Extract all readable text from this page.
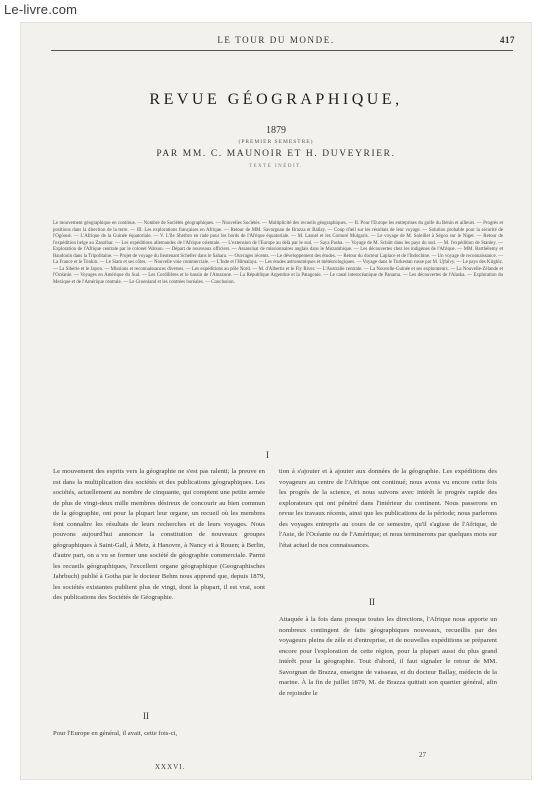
Le-livre.com
LE TOUR DU MONDE.	417
REVUE GÉOGRAPHIQUE,
1879
(PREMIER SEMESTRE)
PAR MM. C. MAUNOIR ET H. DUVEYRIER.
TEXTE INÉDIT.

Le mouvement géographique en continue. — Nombre de Sociétés géographiques. — Nouvelles Sociétés. — Multiplicité des recueils géographiques. — II. Pour l'Europe les entreprises du golfe du Bénin et ailleurs. — Progrès et positions dans la direction de la terre. — III. Les explorations françaises en Afrique. — Retour de MM. Savorgnan de Brazza et Ballay. — Coup d'œil sur les résultats de leur voyage. — Solution probable pour la sécurité de l'Ogôoué. — L'Afrique de la Guinée équatoriale. — V. L'île Sherbro en rade pour les bords de l'Afrique équatoriale. — M. Lasnel et les Comoré Mulgaris. — Le voyage de M. Soleillet à Ségou sur le Niger. — Retour de l'expédition belge au Zanzibar. — Les expéditions allemandes de l'Afrique orientale. — L'extension de l'Europe au delà par le sud. — Saya Pasha. — Voyage de M. Schütt dans les pays du sud. — M. l'expédition de Stanley. — Exploration de l'Afrique centrale par le colonel Watson. — Départ de nouveaux officiers. — Assassinat de missionnaires anglais dans le Mozambique. — Les découvertes chez les indigènes de l'Afrique. — MM. Barthélemy et Baudouin dans la Tripolitaine. — Projet de voyage du lieutenant Scheller dans le Sahara. — Ouvrages récents. — Le développement des études. — Retour du docteur Laplace et de l'Indochine. — Un voyage de reconnaissance. — La France et le Tonkin. — Le Siam et ses côtes. — Nouvelle voie commerciale. — L'Inde et l'Himalaya. — Les études astronomiques et météorologiques. — Voyage dans le Turkestan russe par M. Ujfalvy. — Le pays des Kirghiz. — La Sibérie et le Japon. — Missions et reconnaissances diverses. — Les expéditions au pôle Nord. — M. d'Albertis et le Fly River. — L'Australie centrale. — La Nouvelle-Guinée et ses explorateurs. — La Nouvelle-Zélande et l'Océanie. — Voyages en Amérique du Sud. — Les Cordillères et le bassin de l'Amazone. — La République Argentine et la Patagonie. — Le canal interocéanique de Panama. — Les découvertes de l'Alaska. — Exploration du Mexique et de l'Amérique centrale. — Le Groenland et les contrées boréales. — Conclusion.

I

Le mouvement des esprits vers la géographie ne s'est pas ralenti; la preuve en est dans la multiplication des sociétés et des publications géographiques. Les sociétés, actuellement au nombre de cinquante, qui comptent une petite armée de plus de vingt-deux mille membres désireux de concourir au bien commun de la géographie, ont pour la plupart leur organe, un recueil où les membres font connaître les résultats de leurs recherches et de leurs voyages. Nous pouvons aujourd'hui annoncer la constitution de nouveaux groupes géographiques à Saint-Gall, à Metz, à Hanovre, à Nancy et à Rouen; à Berlin, d'autre part, on a vu se former une société de géographie commerciale. Parmi les recueils géographiques, l'excellent organe géographique (Geographisches Jahrbuch) publié à Gotha par le docteur Behm nous apprend que, depuis 1879, les sociétés existantes publient plus de vingt, dont la plupart, il est vrai, sont des publications des Sociétés de Géographie.

II

Pour l'Europe en général, il avait, cette fois-ci,

tion à s'ajouter et à ajouter aux données de la géographie. Les expéditions des voyageurs au centre de l'Afrique ont continué; nous avons vu encore cette fois les progrès de la science, et nous suivons avec intérêt le progrès rapide des explorateurs qui ont pénétré dans l'intérieur du continent. Nous passerons en revue les travaux récents, ainsi que les publications de la période; nous parlerons des voyages entrepris au cours de ce semestre, qu'il s'agisse de l'Afrique, de l'Asie, de l'Océanie ou de l'Amérique; et nous terminerons par quelques mots sur l'état actuel de nos connaissances.

II

Attaquée à la fois dans presque toutes les directions, l'Afrique nous apporte un nombreux contingent de faits géographiques nouveaux, recueillis par des voyageurs pleins de zèle et d'entreprise, et de nouvelles expéditions se préparent encore pour l'exploration de cette région, pour la plupart aussi du plus grand intérêt pour la géographie. Tout d'abord, il faut signaler le retour de MM. Savorgnan de Brazza, enseigne de vaisseau, et du docteur Ballay, médecin de la marine. À la fin de juillet 1879, M. de Brazza quittait son quartier général, afin de rejoindre le

XXXVI.
27
